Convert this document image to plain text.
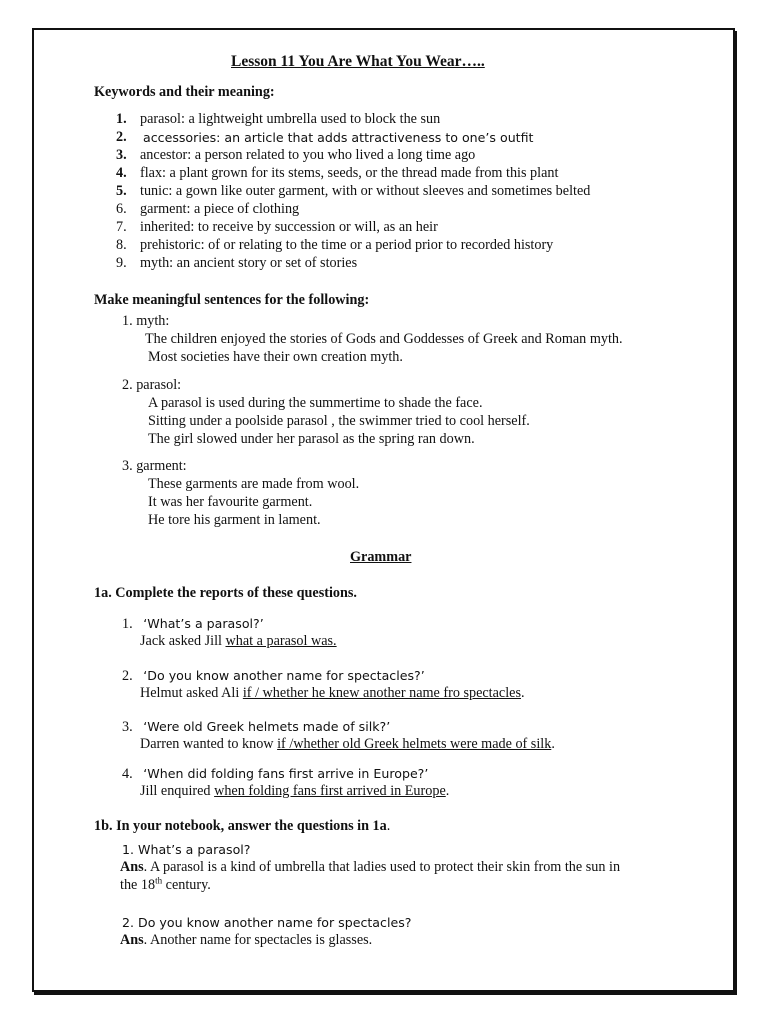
Lesson 11 You Are What You Wear…..
Keywords and their meaning:
1. parasol: a lightweight umbrella used to block the sun
2.	accessories: an article that adds attractiveness to one’s outfit
3. ancestor: a person related to you who lived a long time ago
4. flax: a plant grown for its stems, seeds, or the thread made from this plant
5. tunic: a gown like outer garment, with or without sleeves and sometimes belted
6. garment: a piece of clothing
7. inherited: to receive by succession or will, as an heir
8. prehistoric: of or relating to the time or a period prior to recorded history
9. myth: an ancient story or set of stories
Make meaningful sentences for the following:
1. myth:
The children enjoyed the stories of Gods and Goddesses of Greek and Roman myth.
Most societies have their own creation myth.
2. parasol:
A parasol is used during the summertime to shade the face.
Sitting under a poolside parasol , the swimmer tried to cool herself.
The girl slowed under her parasol as the spring ran down.
3. garment:
These garments are made from wool.
It was her favourite garment.
He tore his garment in lament.
Grammar
1a. Complete the reports of these questions.
1. ‘What’s a parasol?’
Jack asked Jill what a parasol was.
2. ‘Do you know another name for spectacles?’
Helmut asked Ali if / whether he knew another name fro spectacles.
3. ‘Were old Greek helmets made of silk?’
Darren wanted to know if /whether old Greek helmets were made of silk.
4. ‘When did folding fans first arrive in Europe?’
Jill enquired when folding fans first arrived in Europe.
1b. In your notebook, answer the questions in 1a.
1. What’s a parasol?
Ans. A parasol is a kind of umbrella that ladies used to protect their skin from the sun in
the 18th century.
2. Do you know another name for spectacles?
Ans. Another name for spectacles is glasses.
